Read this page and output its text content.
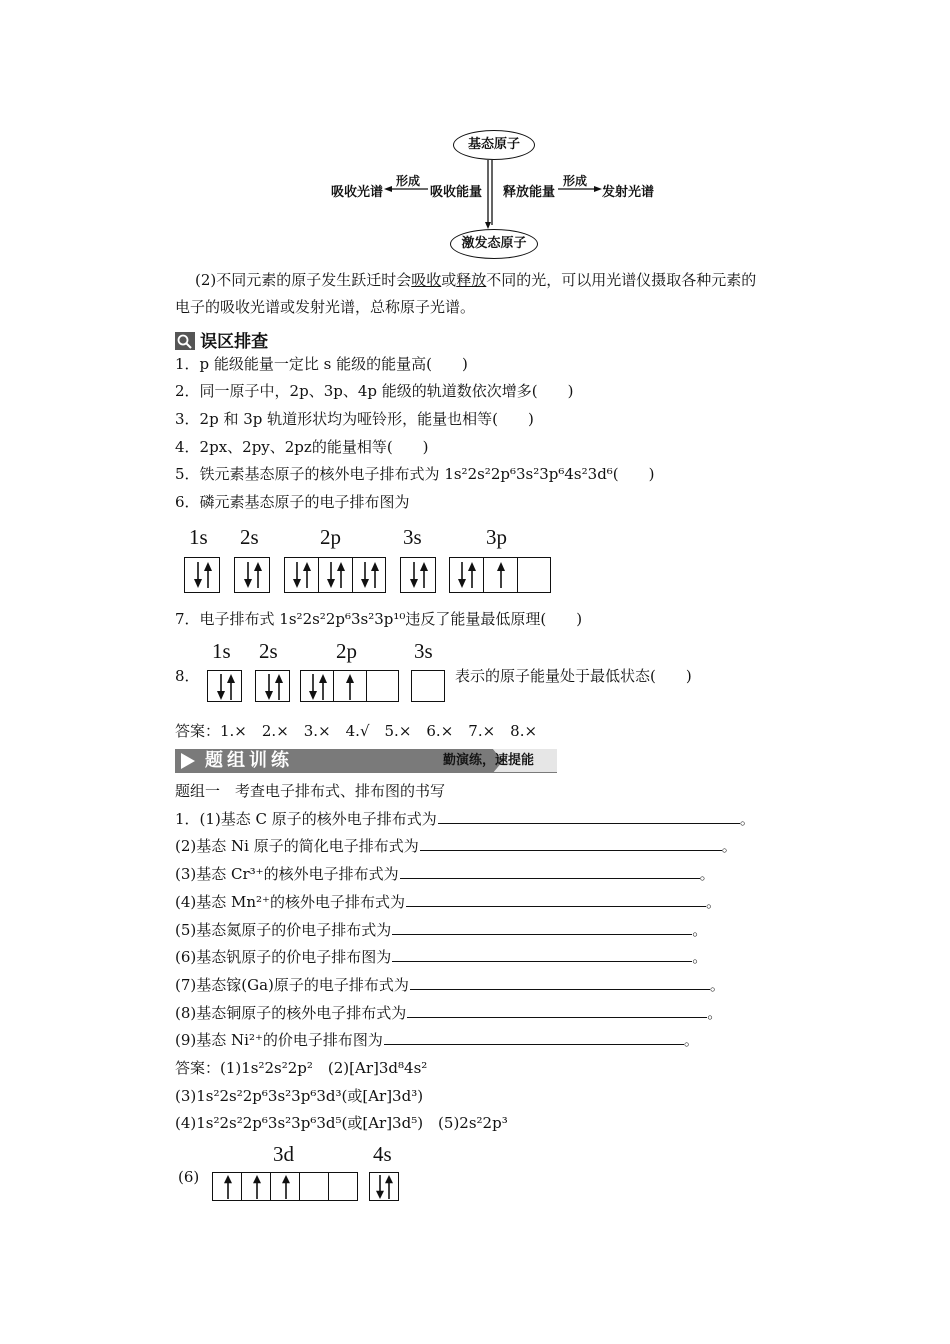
基态原子
激发态原子
吸收光谱
形成
吸收能量 释放能量
形成
发射光谱
(2)不同元素的原子发生跃迁时会吸收或释放不同的光，可以用光谱仪摄取各种元素的
电子的吸收光谱或发射光谱，总称原子光谱。
误区排查
1．p 能级能量一定比 s 能级的能量高(　　)
2．同一原子中，2p、3p、4p 能级的轨道数依次增多(　　)
3．2p 和 3p 轨道形状均为哑铃形，能量也相等(　　)
4．2px、2py、2pz的能量相等(　　)
5．铁元素基态原子的核外电子排布式为 1s²2s²2p⁶3s²3p⁶4s²3d⁶(　　)
6．磷元素基态原子的电子排布图为
1s 2s	2p	3s	3p
7．电子排布式 1s²2s²2p⁶3s²3p¹⁰违反了能量最低原理(　　)
8．
1s 2s	2p	3s
表示的原子能量处于最低状态(　　)
答案：1.×　2.×　3.×　4.√　5.×　6.×　7.×　8.×
题组训练	勤演练，速提能
题组一　考查电子排布式、排布图的书写
1．(1)基态 C 原子的核外电子排布式为	。
(2)基态 Ni 原子的简化电子排布式为	。
(3)基态 Cr³⁺的核外电子排布式为	。
(4)基态 Mn²⁺的核外电子排布式为	。
(5)基态氮原子的价电子排布式为	。
(6)基态钒原子的价电子排布图为	。
(7)基态镓(Ga)原子的电子排布式为	。
(8)基态铜原子的核外电子排布式为	。
(9)基态 Ni²⁺的价电子排布图为	。
答案：(1)1s²2s²2p²　(2)[Ar]3d⁸4s²
(3)1s²2s²2p⁶3s²3p⁶3d³(或[Ar]3d³)
(4)1s²2s²2p⁶3s²3p⁶3d⁵(或[Ar]3d⁵)　(5)2s²2p³
(6)
3d	4s
